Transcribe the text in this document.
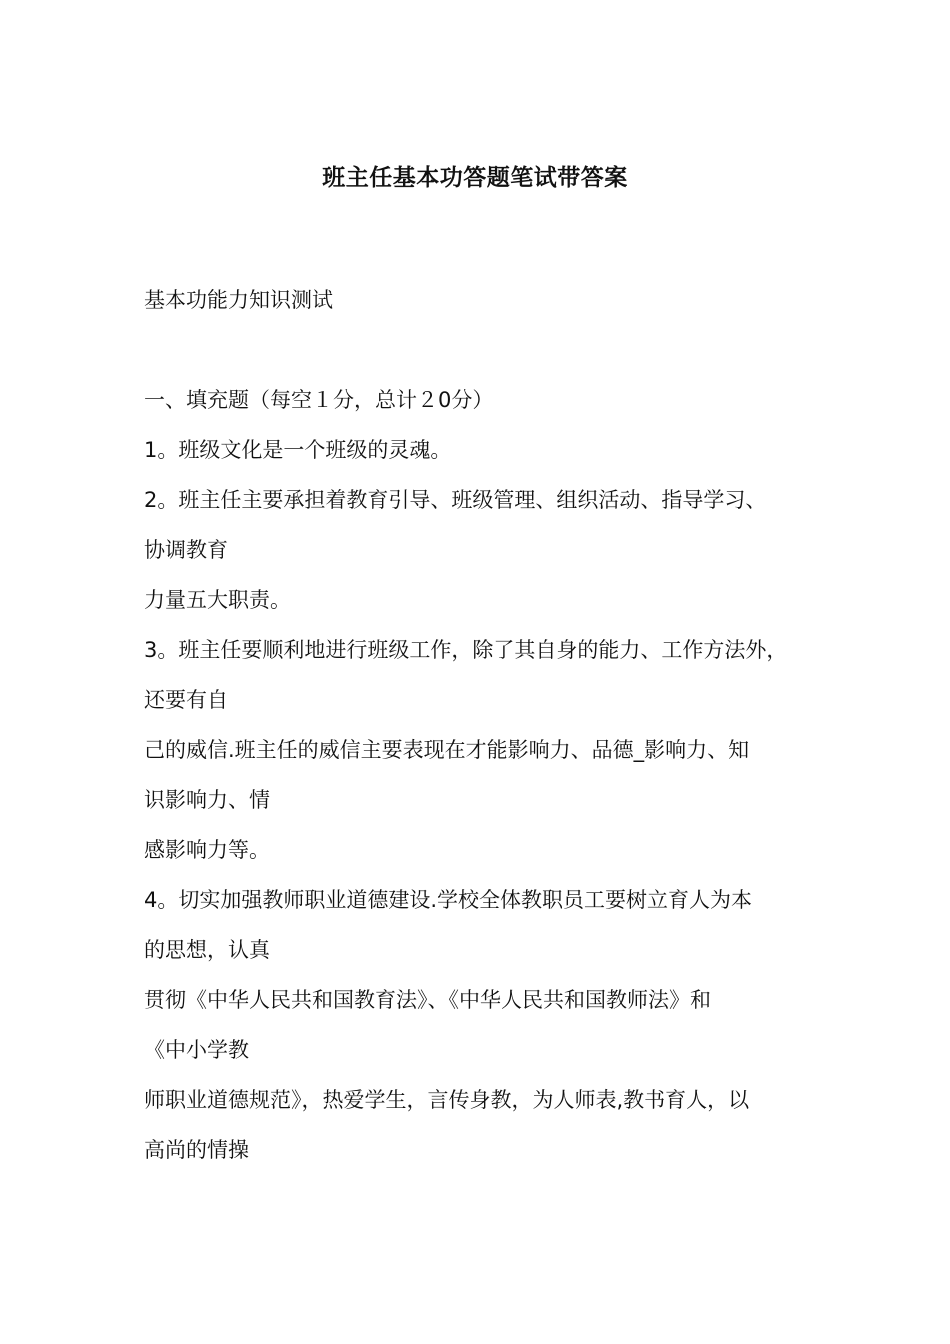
班主任基本功答题笔试带答案
基本功能力知识测试
一、填充题（每空１分，总计２0分）
1。班级文化是一个班级的灵魂。
2。班主任主要承担着教育引导、班级管理、组织活动、指导学习、
协调教育
力量五大职责。
3。班主任要顺利地进行班级工作，除了其自身的能力、工作方法外，
还要有自
己的威信.班主任的威信主要表现在才能影响力、品德_影响力、知
识影响力、情
感影响力等。
4。切实加强教师职业道德建设.学校全体教职员工要树立育人为本
的思想，认真
贯彻《中华人民共和国教育法》、《中华人民共和国教师法》和
《中小学教
师职业道德规范》，热爱学生，言传身教，为人师表,教书育人，以
高尚的情操
